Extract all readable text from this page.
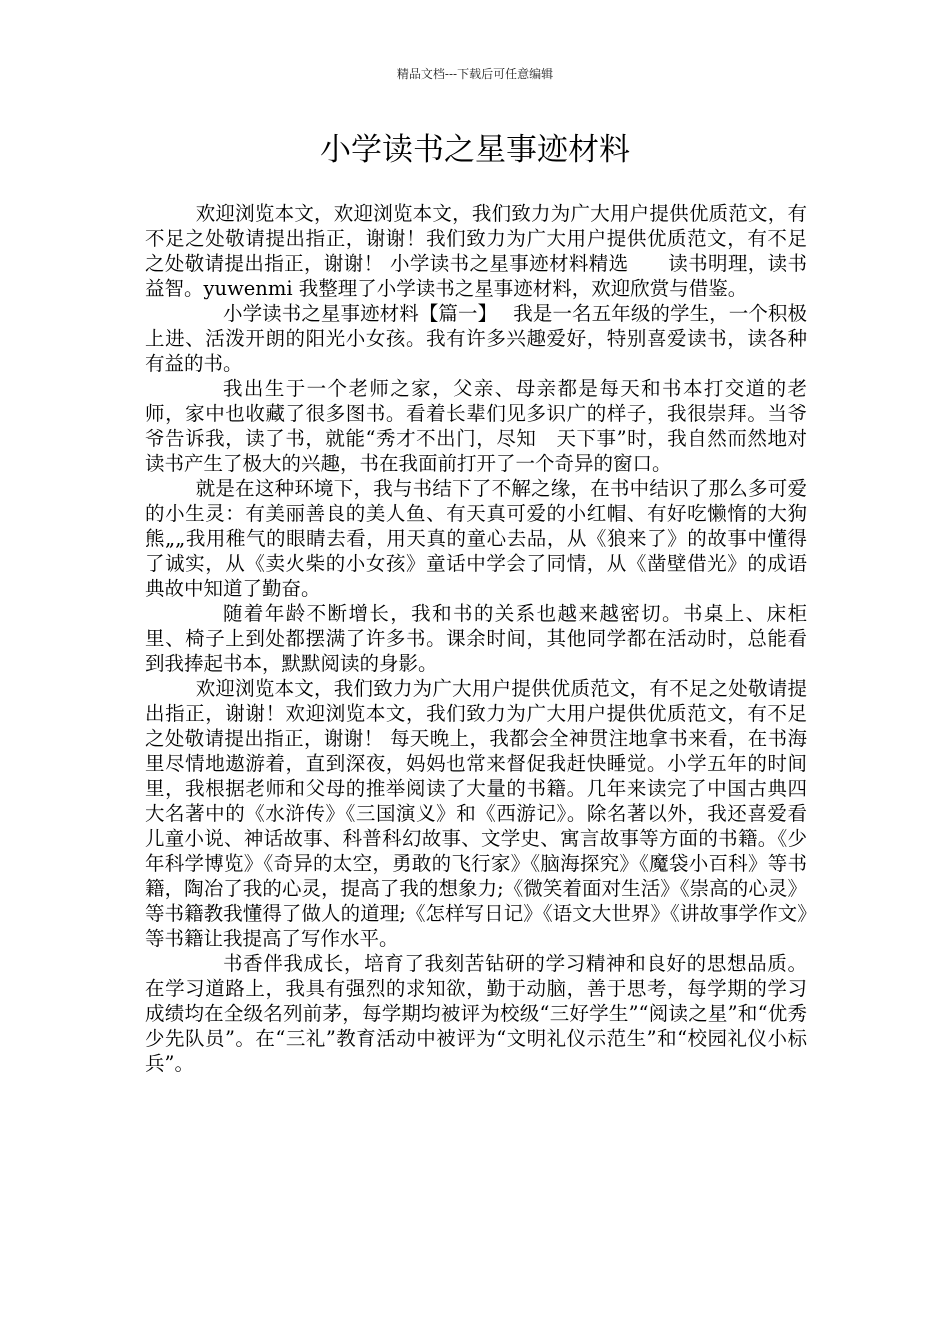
精品文档---下载后可任意编辑
小学读书之星事迹材料

欢迎浏览本文，欢迎浏览本文，我们致力为广大用户提供优质范文，有不足之处敬请提出指正，谢谢！我们致力为广大用户提供优质范文，有不足之处敬请提出指正，谢谢！ 小学读书之星事迹材料精选　　读书明理，读书益智。yuwenmi 我整理了小学读书之星事迹材料，欢迎欣赏与借鉴。

小学读书之星事迹材料【篇一】　 我是一名五年级的学生，一个积极上进、活泼开朗的阳光小女孩。我有许多兴趣爱好，特别喜爱读书，读各种有益的书。

我出生于一个老师之家，父亲、母亲都是每天和书本打交道的老师，家中也收藏了很多图书。看着长辈们见多识广的样子，我很崇拜。当爷爷告诉我，读了书，就能“秀才不出门，尽知　天下事”时，我自然而然地对读书产生了极大的兴趣，书在我面前打开了一个奇异的窗口。

就是在这种环境下，我与书结下了不解之缘，在书中结识了那么多可爱的小生灵：有美丽善良的美人鱼、有天真可爱的小红帽、有好吃懒惰的大狗熊„„我用稚气的眼睛去看，用天真的童心去品，从《狼来了》的故事中懂得了诚实，从《卖火柴的小女孩》童话中学会了同情，从《凿壁借光》的成语典故中知道了勤奋。

随着年龄不断增长，我和书的关系也越来越密切。书桌上、床柜里、椅子上到处都摆满了许多书。课余时间，其他同学都在活动时，总能看到我捧起书本，默默阅读的身影。

欢迎浏览本文，我们致力为广大用户提供优质范文，有不足之处敬请提出指正，谢谢！欢迎浏览本文，我们致力为广大用户提供优质范文，有不足之处敬请提出指正，谢谢！ 每天晚上，我都会全神贯注地拿书来看，在书海里尽情地遨游着，直到深夜，妈妈也常来督促我赶快睡觉。小学五年的时间里，我根据老师和父母的推举阅读了大量的书籍。几年来读完了中国古典四大名著中的《水浒传》《三国演义》和《西游记》。除名著以外，我还喜爱看儿童小说、神话故事、科普科幻故事、文学史、寓言故事等方面的书籍。《少年科学博览》《奇异的太空，勇敢的飞行家》《脑海探究》《魔袋小百科》等书籍，陶冶了我的心灵，提高了我的想象力;《微笑着面对生活》《崇高的心灵》等书籍教我懂得了做人的道理;《怎样写日记》《语文大世界》《讲故事学作文》等书籍让我提高了写作水平。

书香伴我成长，培育了我刻苦钻研的学习精神和良好的思想品质。在学习道路上，我具有强烈的求知欲，勤于动脑，善于思考，每学期的学习成绩均在全级名列前茅，每学期均被评为校级“三好学生”“阅读之星”和“优秀少先队员”。在“三礼”教育活动中被评为“文明礼仪示范生”和“校园礼仪小标兵”。
